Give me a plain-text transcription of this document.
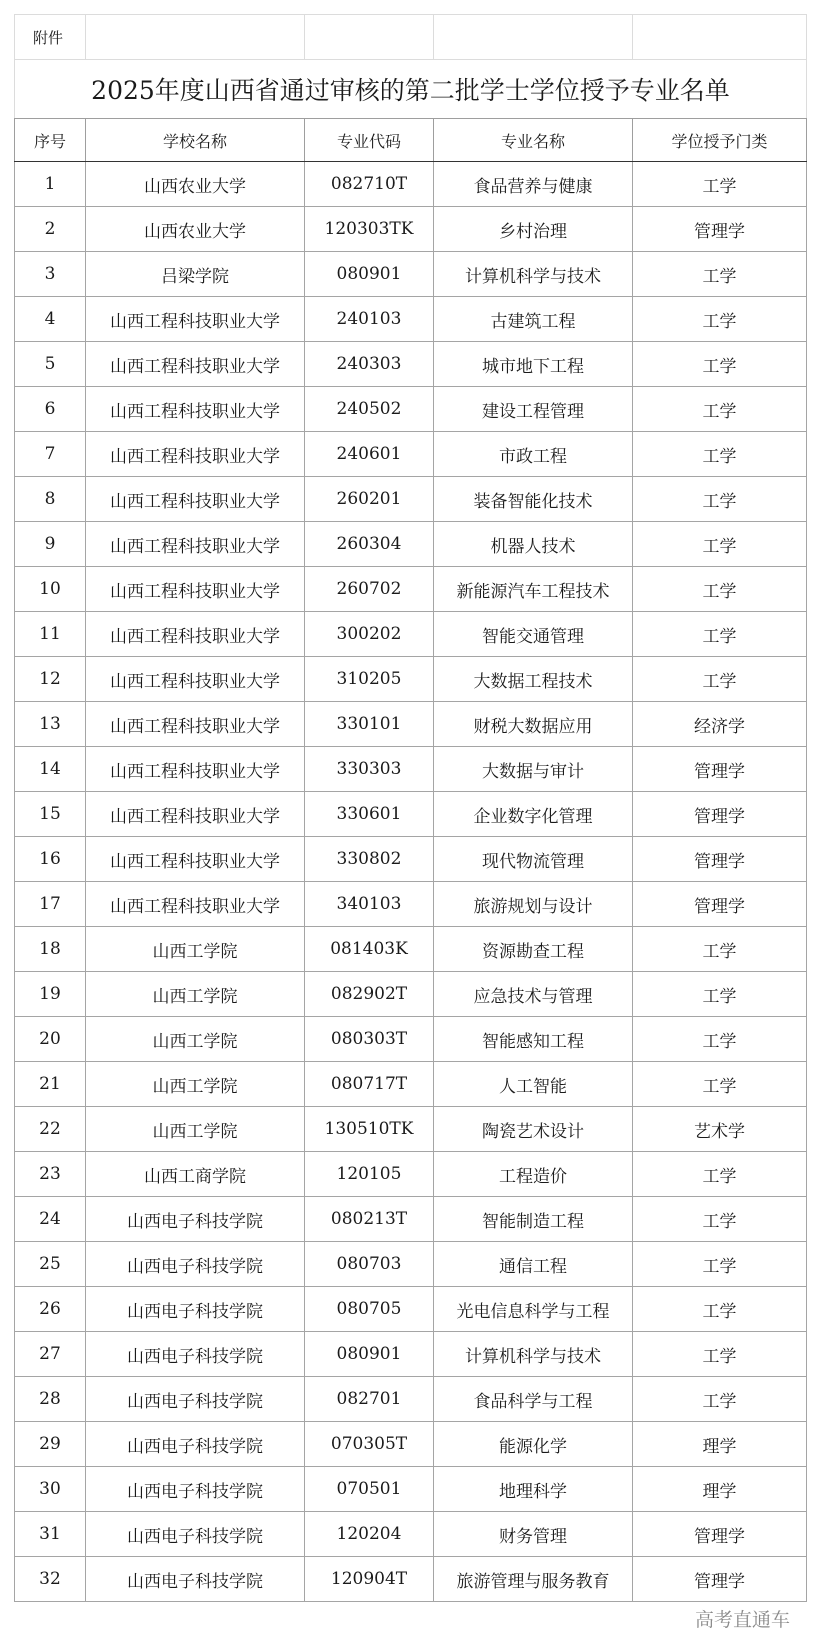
附件				
2025年度山西省通过审核的第二批学士学位授予专业名单				
序号	学校名称	专业代码	专业名称	学位授予门类
1	山西农业大学	082710T	食品营养与健康	工学
2	山西农业大学	120303TK	乡村治理	管理学
3	吕梁学院	080901	计算机科学与技术	工学
4	山西工程科技职业大学	240103	古建筑工程	工学
5	山西工程科技职业大学	240303	城市地下工程	工学
6	山西工程科技职业大学	240502	建设工程管理	工学
7	山西工程科技职业大学	240601	市政工程	工学
8	山西工程科技职业大学	260201	装备智能化技术	工学
9	山西工程科技职业大学	260304	机器人技术	工学
10	山西工程科技职业大学	260702	新能源汽车工程技术	工学
11	山西工程科技职业大学	300202	智能交通管理	工学
12	山西工程科技职业大学	310205	大数据工程技术	工学
13	山西工程科技职业大学	330101	财税大数据应用	经济学
14	山西工程科技职业大学	330303	大数据与审计	管理学
15	山西工程科技职业大学	330601	企业数字化管理	管理学
16	山西工程科技职业大学	330802	现代物流管理	管理学
17	山西工程科技职业大学	340103	旅游规划与设计	管理学
18	山西工学院	081403K	资源勘查工程	工学
19	山西工学院	082902T	应急技术与管理	工学
20	山西工学院	080303T	智能感知工程	工学
21	山西工学院	080717T	人工智能	工学
22	山西工学院	130510TK	陶瓷艺术设计	艺术学
23	山西工商学院	120105	工程造价	工学
24	山西电子科技学院	080213T	智能制造工程	工学
25	山西电子科技学院	080703	通信工程	工学
26	山西电子科技学院	080705	光电信息科学与工程	工学
27	山西电子科技学院	080901	计算机科学与技术	工学
28	山西电子科技学院	082701	食品科学与工程	工学
29	山西电子科技学院	070305T	能源化学	理学
30	山西电子科技学院	070501	地理科学	理学
31	山西电子科技学院	120204	财务管理	管理学
32	山西电子科技学院	120904T	旅游管理与服务教育	管理学
高考直通车
